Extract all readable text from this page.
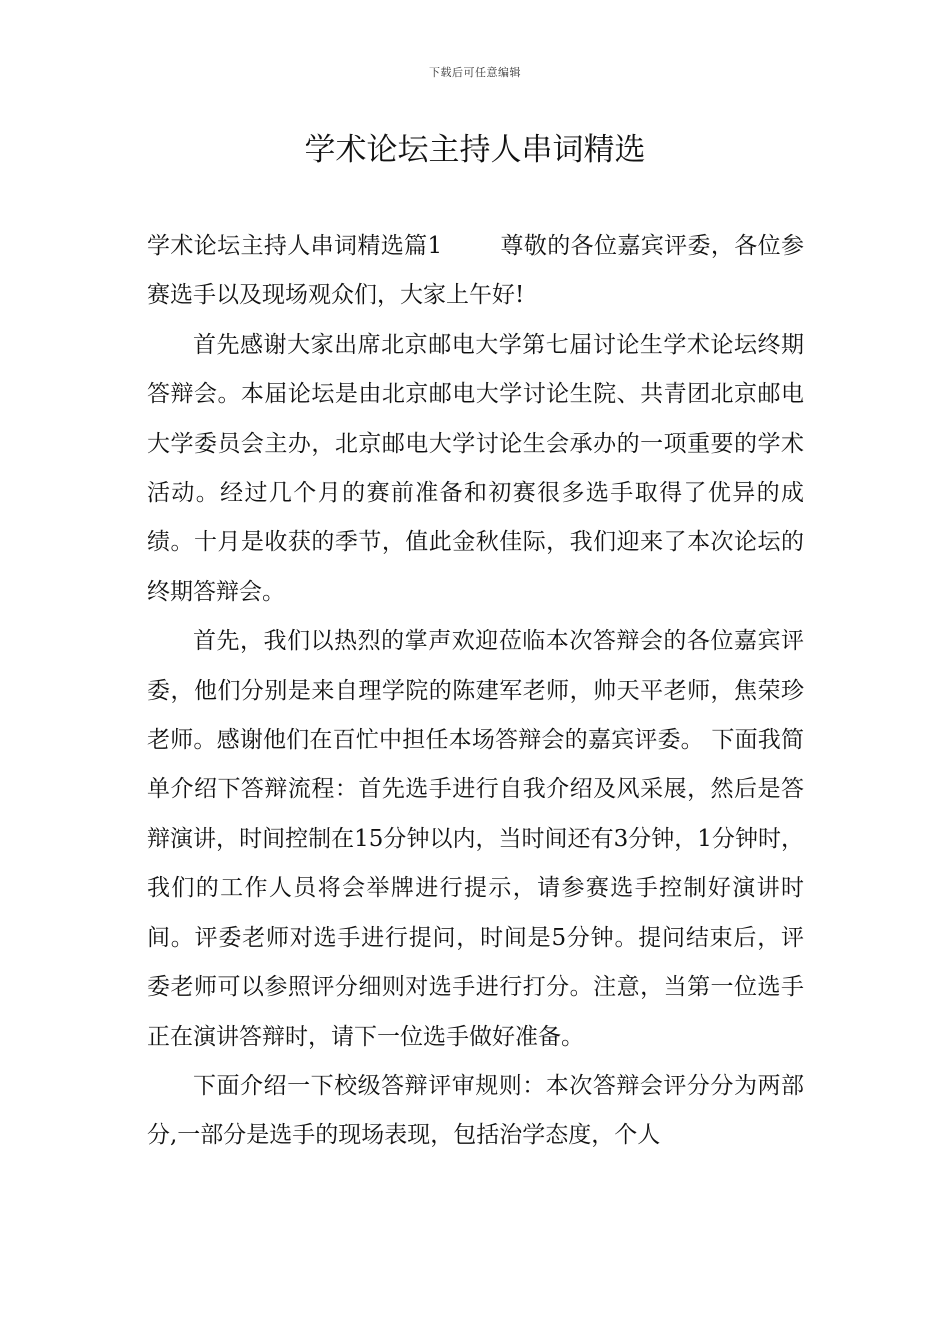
下载后可任意编辑
学术论坛主持人串词精选

学术论坛主持人串词精选篇1	尊敬的各位嘉宾评委，各位参赛选手以及现场观众们，大家上午好!

首先感谢大家出席北京邮电大学第七届讨论生学术论坛终期答辩会。本届论坛是由北京邮电大学讨论生院、共青团北京邮电大学委员会主办，北京邮电大学讨论生会承办的一项重要的学术活动。经过几个月的赛前准备和初赛很多选手取得了优异的成绩。十月是收获的季节，值此金秋佳际，我们迎来了本次论坛的终期答辩会。

首先，我们以热烈的掌声欢迎莅临本次答辩会的各位嘉宾评委，他们分别是来自理学院的陈建军老师，帅天平老师，焦荣珍老师。感谢他们在百忙中担任本场答辩会的嘉宾评委。 下面我简单介绍下答辩流程：首先选手进行自我介绍及风采展，然后是答辩演讲，时间控制在15分钟以内，当时间还有3分钟，1分钟时，我们的工作人员将会举牌进行提示，请参赛选手控制好演讲时间。评委老师对选手进行提问，时间是5分钟。提问结束后，评委老师可以参照评分细则对选手进行打分。注意，当第一位选手正在演讲答辩时，请下一位选手做好准备。

下面介绍一下校级答辩评审规则：本次答辩会评分分为两部分,一部分是选手的现场表现，包括治学态度，个人
